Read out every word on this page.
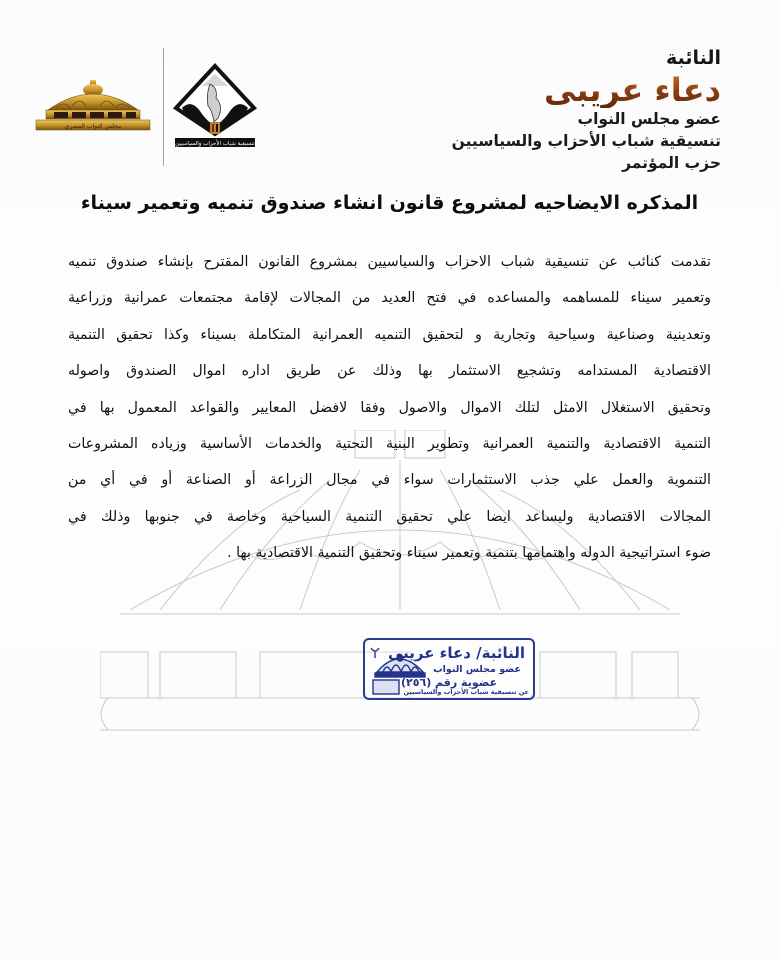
مجلس النواب المصري
تنسيقية شباب الأحزاب والسياسيين

النائبة

دعاء عريبى

عضو مجلس النواب

تنسيقية شباب الأحزاب والسياسيين

حزب المؤتمر

المذكره الايضاحيه لمشروع قانون انشاء صندوق تنميه وتعمير سيناء
تقدمت كنائب عن تنسيقية شباب الاحزاب والسياسيين بمشروع القانون المقترح بإنشاء صندوق تنميه
وتعمير سيناء للمساهمه والمساعده في فتح العديد من المجالات لإقامة مجتمعات عمرانية وزراعية
وتعدينية وصناعية وسياحية وتجارية و لتحقيق التنميه العمرانية المتكاملة بسيناء وكذا تحقيق التنمية
الاقتصادية المستدامه وتشجيع الاستثمار بها وذلك عن طريق اداره اموال الصندوق واصوله
وتحقيق الاستغلال الامثل لتلك الاموال والاصول وفقا لافضل المعايير والقواعد المعمول بها في
التنمية الاقتصادية والتنمية العمرانية وتطوير البنية التحتية والخدمات الأساسية وزياده المشروعات
التنموية والعمل علي جذب الاستثمارات سواء في مجال الزراعة أو الصناعة أو في أي من
المجالات الاقتصادية وليساعد ايضا علي تحقيق التنمية السياحية وخاصة في جنوبها وذلك في
ضوء استراتيجية الدوله واهتمامها بتنمية وتعمير سيناء وتحقيق التنمية الاقتصادية بها .
النائبة/ دعاء عريبى
عضو مجلس النواب
عضوية رقم (٢٥٦)
عن تنسيقية شباب الأحزاب والسياسيين
